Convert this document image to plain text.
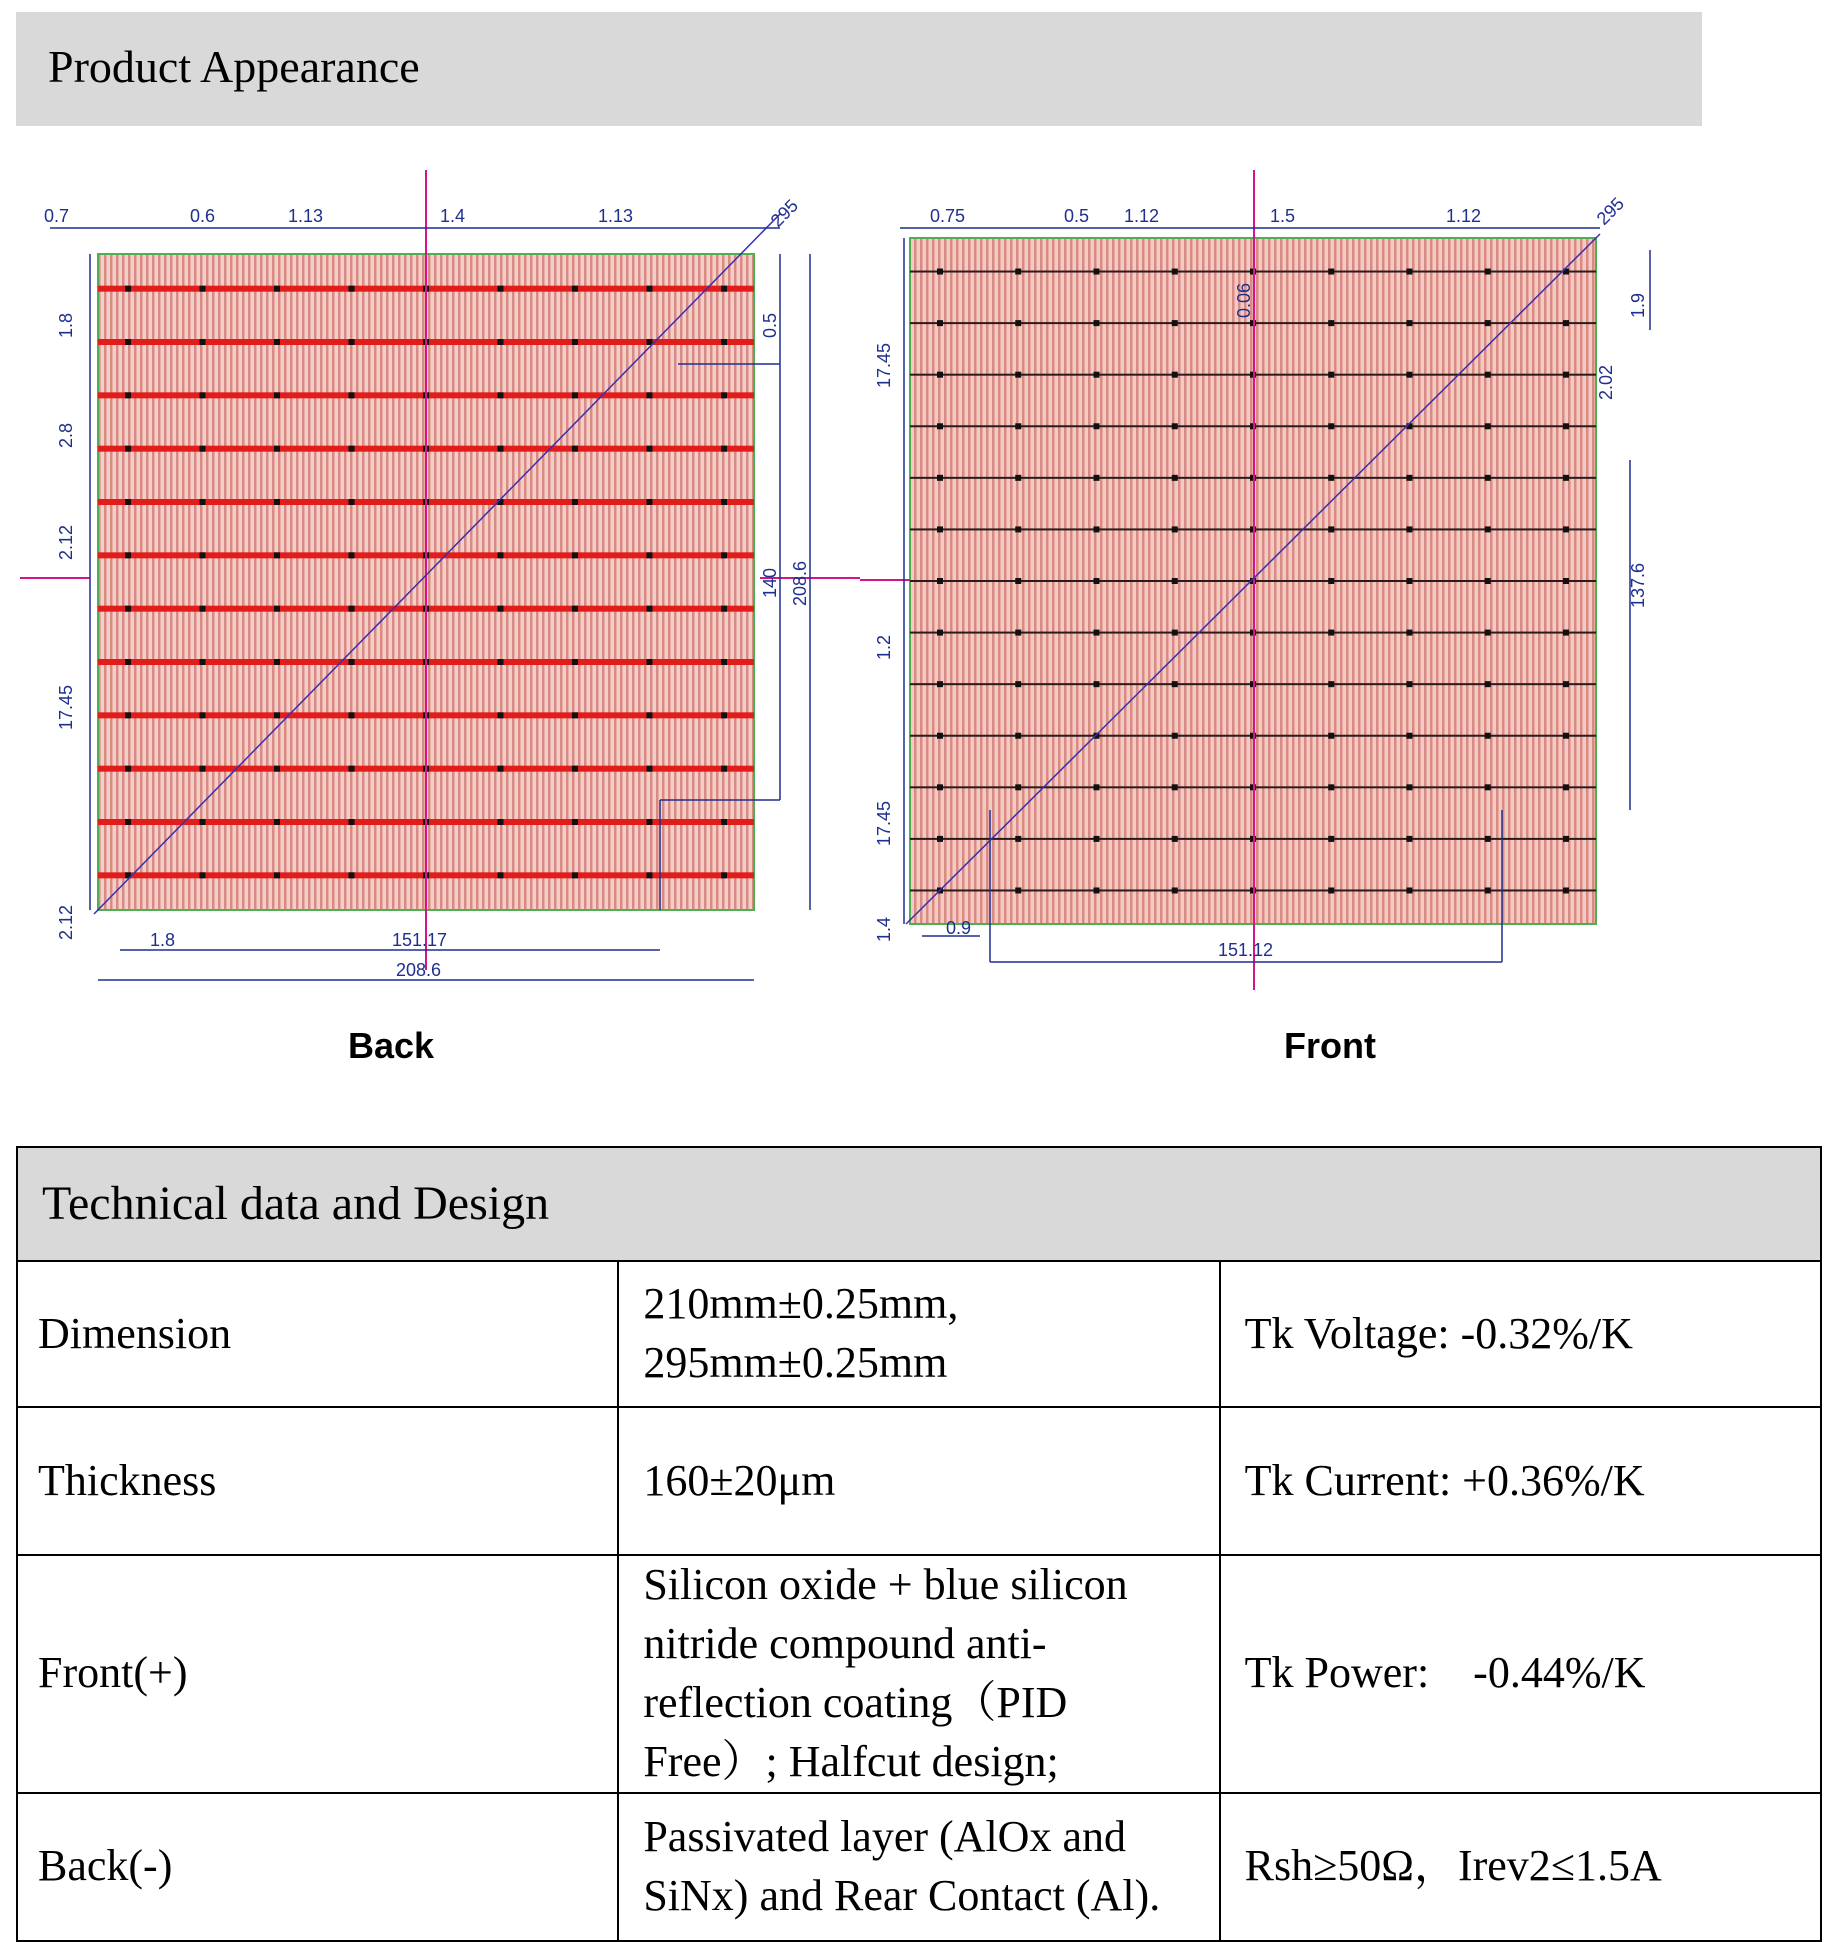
Product Appearance
0.7	0.6	1.13	1.4	1.13
1.8
2.8
2.12
17.45
2.12
0.5
140 208.6
1.8	151.17
208.6
295
Back
0.75	0.5 1.12	1.5	1.12
17.45
1.2
17.45
1.4
1.9
2.02
137.6
0.06
0.9
151.12
295
Front
Technical data and Design		
Dimension	210mm±0.25mm, 295mm±0.25mm	Tk Voltage: -0.32%/K
Thickness	160±20μm	Tk Current: +0.36%/K
Front(+)	Silicon oxide + blue silicon nitride compound anti-reflection coating（PID Free）; Halfcut design;	Tk Power:    -0.44%/K
Back(-)	Passivated layer (AlOx and SiNx) and Rear Contact (Al).	Rsh≥50Ω，Irev2≤1.5A
